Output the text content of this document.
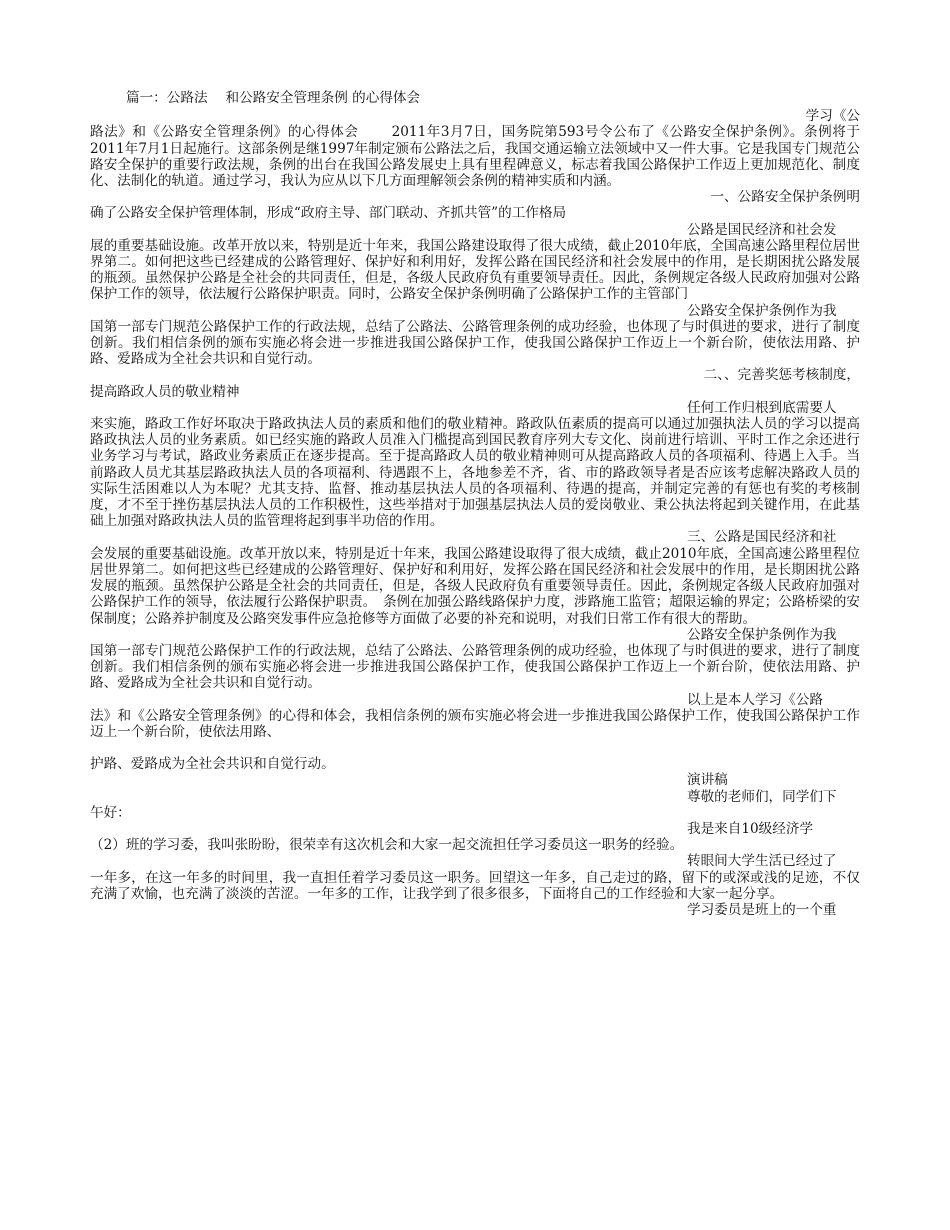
篇一：公路法　 和公路安全管理条例 的心得体会

学习《公

路法》和《公路安全管理条例》的心得体会　　 2011年3月7日，国务院第593号令公布了《公路安全保护条例》。条例将于2011年7月1日起施行。这部条例是继1997年制定颁布公路法之后，我国交通运输立法领域中又一件大事。它是我国专门规范公路安全保护的重要行政法规，条例的出台在我国公路发展史上具有里程碑意义，标志着我国公路保护工作迈上更加规范化、制度化、法制化的轨道。通过学习，我认为应从以下几方面理解领会条例的精神实质和内涵。

一、公路安全保护条例明

确了公路安全保护管理体制，形成“政府主导、部门联动、齐抓共管”的工作格局

公路是国民经济和社会发

展的重要基础设施。改革开放以来，特别是近十年来，我国公路建设取得了很大成绩，截止2010年底，全国高速公路里程位居世界第二。如何把这些已经建成的公路管理好、保护好和利用好，发挥公路在国民经济和社会发展中的作用，是长期困扰公路发展的瓶颈。虽然保护公路是全社会的共同责任，但是，各级人民政府负有重要领导责任。因此，条例规定各级人民政府加强对公路保护工作的领导，依法履行公路保护职责。同时，公路安全保护条例明确了公路保护工作的主管部门

公路安全保护条例作为我

国第一部专门规范公路保护工作的行政法规，总结了公路法、公路管理条例的成功经验，也体现了与时俱进的要求，进行了制度创新。我们相信条例的颁布实施必将会进一步推进我国公路保护工作，使我国公路保护工作迈上一个新台阶，使依法用路、护路、爱路成为全社会共识和自觉行动。

二、、完善奖惩考核制度，

提高路政人员的敬业精神

任何工作归根到底需要人

来实施，路政工作好坏取决于路政执法人员的素质和他们的敬业精神。路政队伍素质的提高可以通过加强执法人员的学习以提高路政执法人员的业务素质。如已经实施的路政人员准入门槛提高到国民教育序列大专文化、岗前进行培训、平时工作之余还进行业务学习与考试，路政业务素质正在逐步提高。至于提高路政人员的敬业精神则可从提高路政人员的各项福利、待遇上入手。当前路政人员尤其基层路政执法人员的各项福利、待遇跟不上，各地参差不齐，省、市的路政领导者是否应该考虑解决路政人员的实际生活困难以人为本呢？尤其支持、监督、推动基层执法人员的各项福利、待遇的提高，并制定完善的有惩也有奖的考核制度，才不至于挫伤基层执法人员的工作积极性，这些举措对于加强基层执法人员的爱岗敬业、秉公执法将起到关键作用，在此基础上加强对路政执法人员的监管理将起到事半功倍的作用。

三、公路是国民经济和社

会发展的重要基础设施。改革开放以来，特别是近十年来，我国公路建设取得了很大成绩，截止2010年底，全国高速公路里程位居世界第二。如何把这些已经建成的公路管理好、保护好和利用好，发挥公路在国民经济和社会发展中的作用，是长期困扰公路发展的瓶颈。虽然保护公路是全社会的共同责任，但是，各级人民政府负有重要领导责任。因此，条例规定各级人民政府加强对公路保护工作的领导，依法履行公路保护职责。　条例在加强公路线路保护力度，涉路施工监管；超限运输的界定；公路桥梁的安保制度；公路养护制度及公路突发事件应急抢修等方面做了必要的补充和说明，对我们日常工作有很大的帮助。

公路安全保护条例作为我

国第一部专门规范公路保护工作的行政法规，总结了公路法、公路管理条例的成功经验，也体现了与时俱进的要求，进行了制度创新。我们相信条例的颁布实施必将会进一步推进我国公路保护工作，使我国公路保护工作迈上一个新台阶，使依法用路、护路、爱路成为全社会共识和自觉行动。

以上是本人学习《公路

法》和《公路安全管理条例》的心得和体会，我相信条例的颁布实施必将会进一步推进我国公路保护工作，使我国公路保护工作迈上一个新台阶，使依法用路、

护路、爱路成为全社会共识和自觉行动。

演讲稿

尊敬的老师们，同学们下

午好：

我是来自10级经济学

（2）班的学习委，我叫张盼盼，很荣幸有这次机会和大家一起交流担任学习委员这一职务的经验。

转眼间大学生活已经过了

一年多，在这一年多的时间里，我一直担任着学习委员这一职务。回望这一年多，自己走过的路，留下的或深或浅的足迹，不仅充满了欢愉，也充满了淡淡的苦涩。一年多的工作，让我学到了很多很多，下面将自己的工作经验和大家一起分享。

学习委员是班上的一个重
